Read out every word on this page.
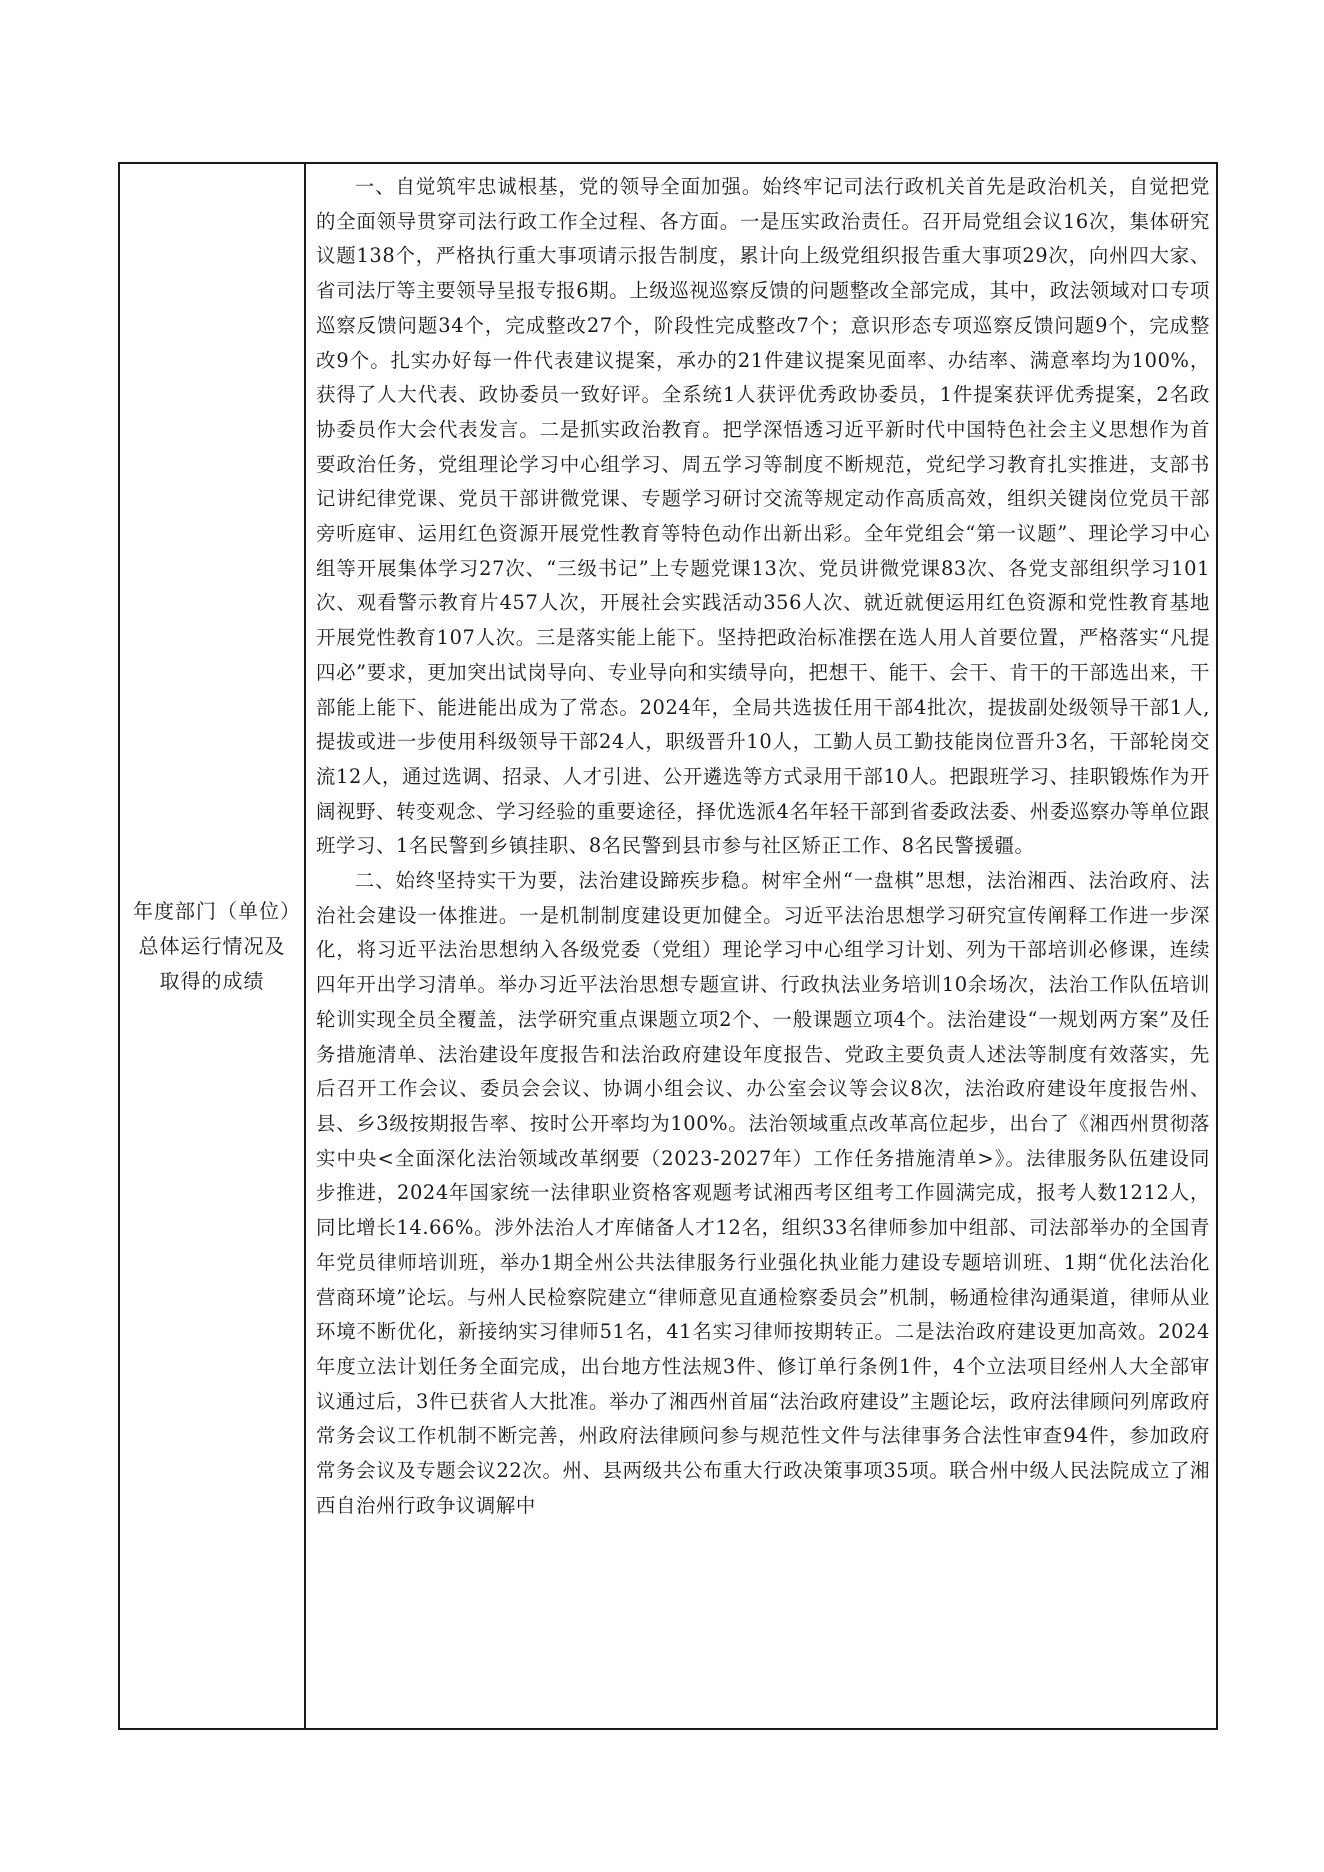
年度部门（单位）总体运行情况及取得的成绩

一、自觉筑牢忠诚根基，党的领导全面加强。始终牢记司法行政机关首先是政治机关，自觉把党的全面领导贯穿司法行政工作全过程、各方面。一是压实政治责任。召开局党组会议16次，集体研究议题138个，严格执行重大事项请示报告制度，累计向上级党组织报告重大事项29次，向州四大家、省司法厅等主要领导呈报专报6期。上级巡视巡察反馈的问题整改全部完成，其中，政法领域对口专项巡察反馈问题34个，完成整改27个，阶段性完成整改7个；意识形态专项巡察反馈问题9个，完成整改9个。扎实办好每一件代表建议提案，承办的21件建议提案见面率、办结率、满意率均为100%，获得了人大代表、政协委员一致好评。全系统1人获评优秀政协委员，1件提案获评优秀提案，2名政协委员作大会代表发言。二是抓实政治教育。把学深悟透习近平新时代中国特色社会主义思想作为首要政治任务，党组理论学习中心组学习、周五学习等制度不断规范，党纪学习教育扎实推进，支部书记讲纪律党课、党员干部讲微党课、专题学习研讨交流等规定动作高质高效，组织关键岗位党员干部旁听庭审、运用红色资源开展党性教育等特色动作出新出彩。全年党组会“第一议题”、理论学习中心组等开展集体学习27次、“三级书记”上专题党课13次、党员讲微党课83次、各党支部组织学习101次、观看警示教育片457人次，开展社会实践活动356人次、就近就便运用红色资源和党性教育基地开展党性教育107人次。三是落实能上能下。坚持把政治标准摆在选人用人首要位置，严格落实“凡提四必”要求，更加突出试岗导向、专业导向和实绩导向，把想干、能干、会干、肯干的干部选出来，干部能上能下、能进能出成为了常态。2024年，全局共选拔任用干部4批次，提拔副处级领导干部1人,提拔或进一步使用科级领导干部24人，职级晋升10人，工勤人员工勤技能岗位晋升3名，干部轮岗交流12人，通过选调、招录、人才引进、公开遴选等方式录用干部10人。把跟班学习、挂职锻炼作为开阔视野、转变观念、学习经验的重要途径，择优选派4名年轻干部到省委政法委、州委巡察办等单位跟班学习、1名民警到乡镇挂职、8名民警到县市参与社区矫正工作、8名民警援疆。

二、始终坚持实干为要，法治建设蹄疾步稳。树牢全州“一盘棋”思想，法治湘西、法治政府、法治社会建设一体推进。一是机制制度建设更加健全。习近平法治思想学习研究宣传阐释工作进一步深化，将习近平法治思想纳入各级党委（党组）理论学习中心组学习计划、列为干部培训必修课，连续四年开出学习清单。举办习近平法治思想专题宣讲、行政执法业务培训10余场次，法治工作队伍培训轮训实现全员全覆盖，法学研究重点课题立项2个、一般课题立项4个。法治建设“一规划两方案”及任务措施清单、法治建设年度报告和法治政府建设年度报告、党政主要负责人述法等制度有效落实，先后召开工作会议、委员会会议、协调小组会议、办公室会议等会议8次，法治政府建设年度报告州、县、乡3级按期报告率、按时公开率均为100%。法治领域重点改革高位起步，出台了《湘西州贯彻落实中央<全面深化法治领域改革纲要（2023-2027年）工作任务措施清单>》。法律服务队伍建设同步推进，2024年国家统一法律职业资格客观题考试湘西考区组考工作圆满完成，报考人数1212人，同比增长14.66%。涉外法治人才库储备人才12名，组织33名律师参加中组部、司法部举办的全国青年党员律师培训班，举办1期全州公共法律服务行业强化执业能力建设专题培训班、1期“优化法治化营商环境”论坛。与州人民检察院建立“律师意见直通检察委员会”机制，畅通检律沟通渠道，律师从业环境不断优化，新接纳实习律师51名，41名实习律师按期转正。二是法治政府建设更加高效。2024年度立法计划任务全面完成，出台地方性法规3件、修订单行条例1件，4个立法项目经州人大全部审议通过后，3件已获省人大批准。举办了湘西州首届“法治政府建设”主题论坛，政府法律顾问列席政府常务会议工作机制不断完善，州政府法律顾问参与规范性文件与法律事务合法性审查94件，参加政府常务会议及专题会议22次。州、县两级共公布重大行政决策事项35项。联合州中级人民法院成立了湘西自治州行政争议调解中
